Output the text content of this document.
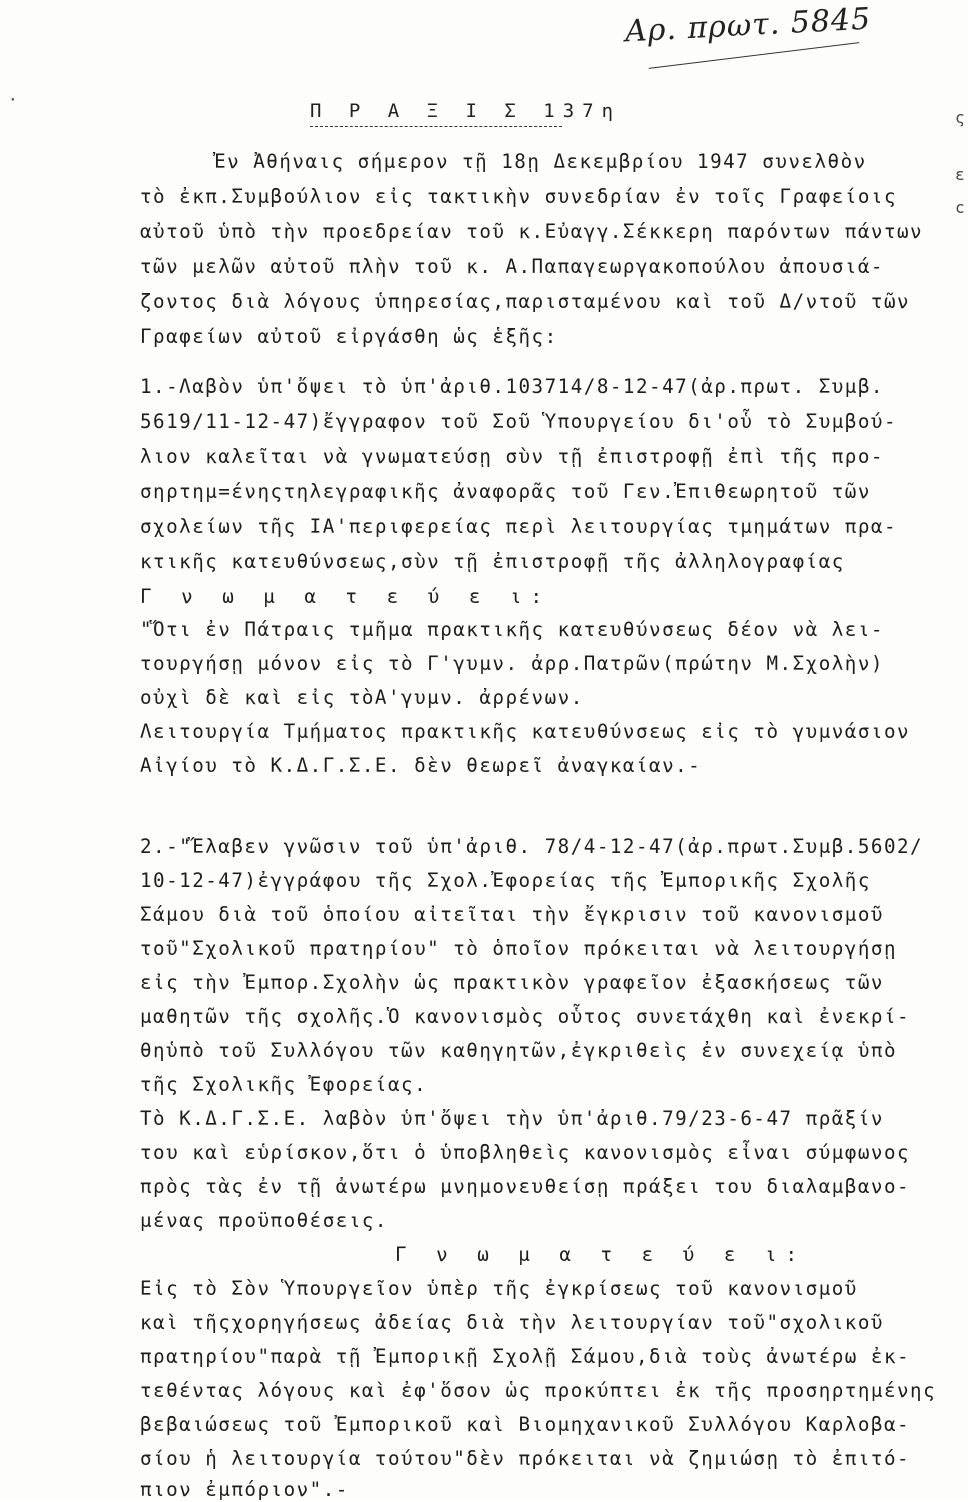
Αρ. πρωτ. 5845
ς
ε
c
·
Π Ρ Α Ξ Ι Σ 137η
Ἐν Ἀθήναις σήμερον τῇ 18ῃ Δεκεμβρίου 1947 συνελθὸν
τὸ ἐκπ.Συμβούλιον εἰς τακτικὴν συνεδρίαν ἐν τοῖς Γραφείοις
αὐτοῦ ὑπὸ τὴν προεδρείαν τοῦ κ.Εὐαγγ.Σέκκερη παρόντων πάντων
τῶν μελῶν αὐτοῦ πλὴν τοῦ κ. Α.Παπαγεωργακοπούλου ἀπουσιά-
ζοντος διὰ λόγους ὑπηρεσίας,παρισταμένου καὶ τοῦ Δ/ντοῦ τῶν
Γραφείων αὐτοῦ εἰργάσθη ὡς ἑξῆς:
1.-Λαβὸν ὑπ'ὄψει τὸ ὑπ'ἀριθ.103714/8-12-47(ἀρ.πρωτ. Συμβ.
5619/11-12-47)ἔγγραφον τοῦ Σοῦ Ὑπουργείου δι'οὗ τὸ Συμβού-
λιον καλεῖται νὰ γνωματεύσῃ σὺν τῇ ἐπιστροφῇ ἐπὶ τῆς προ-
σηρτημ=ένηςτηλεγραφικῆς ἀναφορᾶς τοῦ Γεν.Ἐπιθεωρητοῦ τῶν
σχολείων τῆς ΙΑ'περιφερείας περὶ λειτουργίας τμημάτων πρα-
κτικῆς κατευθύνσεως,σὺν τῇ ἐπιστροφῇ τῆς ἀλληλογραφίας
Γ ν ω μ α τ ε ύ ε ι:
"Ὅτι ἐν Πάτραις τμῆμα πρακτικῆς κατευθύνσεως δέον νὰ λει-
τουργήσῃ μόνον εἰς τὸ Γ'γυμν. ἀρρ.Πατρῶν(πρώτην Μ.Σχολὴν)
οὐχὶ δὲ καὶ εἰς τὸΑ'γυμν. ἀρρένων.
Λειτουργία Τμήματος πρακτικῆς κατευθύνσεως εἰς τὸ γυμνάσιον
Αἰγίου τὸ Κ.Δ.Γ.Σ.Ε. δὲν θεωρεῖ ἀναγκαίαν.-
2.-"Ἔλαβεν γνῶσιν τοῦ ὑπ'ἀριθ. 78/4-12-47(ἀρ.πρωτ.Συμβ.5602/
10-12-47)ἐγγράφου τῆς Σχολ.Ἐφορείας τῆς Ἐμπορικῆς Σχολῆς
Σάμου διὰ τοῦ ὁποίου αἰτεῖται τὴν ἔγκρισιν τοῦ κανονισμοῦ
τοῦ"Σχολικοῦ πρατηρίου" τὸ ὁποῖον πρόκειται νὰ λειτουργήσῃ
εἰς τὴν Ἐμπορ.Σχολὴν ὡς πρακτικὸν γραφεῖον ἐξασκήσεως τῶν
μαθητῶν τῆς σχολῆς.Ὁ κανονισμὸς οὗτος συνετάχθη καὶ ἐνεκρί-
θηὑπὸ τοῦ Συλλόγου τῶν καθηγητῶν,ἐγκριθεὶς ἐν συνεχείᾳ ὑπὸ
τῆς Σχολικῆς Ἐφορείας.
Τὸ Κ.Δ.Γ.Σ.Ε. λαβὸν ὑπ'ὄψει τὴν ὑπ'ἀριθ.79/23-6-47 πρᾶξίν
του καὶ εὑρίσκον,ὅτι ὁ ὑποβληθεὶς κανονισμὸς εἶναι σύμφωνος
πρὸς τὰς ἐν τῇ ἀνωτέρω μνημονευθείσῃ πράξει του διαλαμβανο-
μένας προϋποθέσεις.
Γ ν ω μ α τ ε ύ ε ι:
Εἰς τὸ Σὸν Ὑπουργεῖον ὑπὲρ τῆς ἐγκρίσεως τοῦ κανονισμοῦ
καὶ τῆςχορηγήσεως ἀδείας διὰ τὴν λειτουργίαν τοῦ"σχολικοῦ
πρατηρίου"παρὰ τῇ Ἐμπορικῇ Σχολῇ Σάμου,διὰ τοὺς ἀνωτέρω ἐκ-
τεθέντας λόγους καὶ ἐφ'ὅσον ὡς προκύπτει ἐκ τῆς προσηρτημένης
βεβαιώσεως τοῦ Ἐμπορικοῦ καὶ Βιομηχανικοῦ Συλλόγου Καρλοβα-
σίου ἡ λειτουργία τούτου"δὲν πρόκειται νὰ ζημιώσῃ τὸ ἐπιτό-
πιον ἐμπόριον".-
